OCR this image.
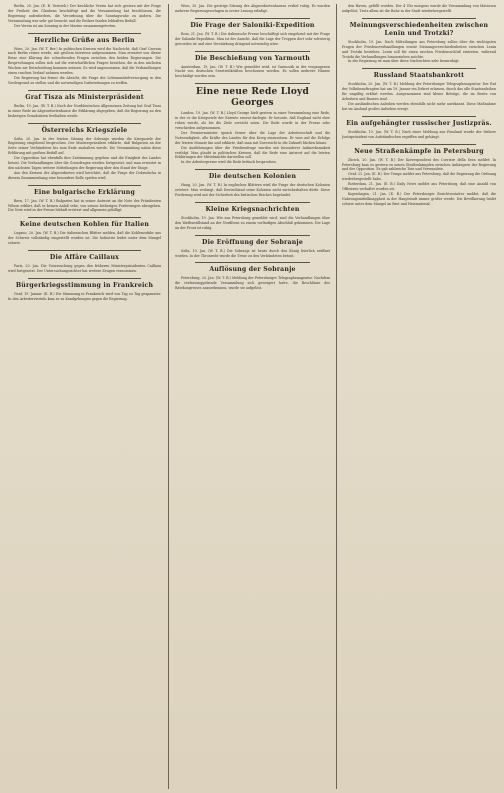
Berlin, 20. Jan. (E. B. Vertrieb.) Der kirchliche Verein hat sich gestern mit der Frage der Freiheit des Glaubens beschäftigt und die Versammlung hat beschlossen, die Regierung aufzufordern, die Verordnung über die Sonntagsruhe zu ändern. Die Versammlung war sehr gut besucht und die Redner fanden lebhaften Beifall.

Der Verein ist am Sonntag in der Marine zusammengetreten.

Herzliche Grüße aus Berlin

Wien, 20. Jan. (W. T. Ber.) In politischen Kreisen wird die Nachricht, daß Graf Czernin nach Berlin reisen werde, mit großem Interesse aufgenommen. Man erwartet von dieser Reise eine Klärung der schwebenden Fragen zwischen den beiden Regierungen. Die Besprechungen sollen sich auf die wirtschaftlichen Fragen beziehen, die in den nächsten Wochen zur Entscheidung kommen müssen. Es wird angenommen, daß die Verhandlungen einen raschen Verlauf nehmen werden.

Die Regierung hat ferner die Absicht, die Frage der Lebensmittelversorgung in den Vordergrund zu stellen und die notwendigen Vorbereitungen zu treffen.

Graf Tisza als Ministerpräsident

Berlin, 19. Jan. (W. T. B.) Nach der Norddeutschen Allgemeinen Zeitung hat Graf Tisza in einer Rede im Abgeordnetenhause die Erklärung abgegeben, daß die Regierung an den bisherigen Grundsätzen festhalten werde.

Österreichs Kriegsziele

Sofia, 20. Jan. In der letzten Sitzung der Sobranje wurden die Kriegsziele der Regierung eingehend besprochen. Der Ministerpräsident erklärte, daß Bulgarien an der Seite seiner Verbündeten bis zum Ende aushalten werde. Die Versammlung nahm diese Erklärung mit großem Beifall auf.

Die Opposition hat ebenfalls ihre Zustimmung gegeben und die Einigkeit des Landes betont. Die Verhandlungen über die Grenzfragen werden fortgesetzt, und man erwartet in den nächsten Tagen weitere Mitteilungen der Regierung über den Stand der Dinge.

Aus den Kreisen der Abgeordneten wird berichtet, daß die Frage der Dobrudscha in diesem Zusammenhang eine besondere Rolle spielen wird.

Eine bulgarische Erklärung

Bern, 17. Jan. (W. T. B.) Bulgarien hat in seiner Antwort an die Note des Präsidenten Wilson erklärt, daß es keinen Anlaß sehe, von seinen bisherigen Forderungen abzugehen. Die Note wird in der Presse lebhaft erörtert und allgemein gebilligt.

Keine deutschen Kohlen für Italien

Lugano, 20. Jan. (W. T. B.) Die italienischen Blätter melden, daß die Kohlenzufuhr aus der Schweiz vollständig eingestellt worden ist. Die Industrie leidet unter dem Mangel schwer.

Die Affäre Caillaux

Paris, 20. Jan. Die Untersuchung gegen den früheren Ministerpräsidenten Caillaux wird fortgesetzt. Der Untersuchungsrichter hat weitere Zeugen vernommen.

Bürgerkriegsstimmung in Frankreich

Genf, 19. Januar. (E. B.) Die Stimmung in Frankreich wird von Tag zu Tag gespannter. In den Arbeitervierteln kam es zu Kundgebungen gegen die Regierung.

Wien, 20. Jan. Die gestrige Sitzung des Abgeordnetenhauses verlief ruhig. Es wurden mehrere Regierungsvorlagen in erster Lesung erledigt.

Die Frage der Saloniki-Expedition

Rom, 21. Jan. (W. T. B.) Die italienische Presse beschäftigt sich eingehend mit der Frage der Saloniki-Expedition. Man ist der Ansicht, daß die Lage der Truppen dort sehr schwierig geworden ist und eine Verstärkung dringend notwendig wäre.

Die Beschießung von Yarmouth

Amsterdam, 19. Jan. (W. T. B.) Wie gemeldet wird, ist Yarmouth in der vergangenen Nacht von deutschen Seestreitkräften beschossen worden. Es sollen mehrere Häuser beschädigt worden sein.

Eine neue Rede Lloyd Georges

London, 19. Jan. (W. T. B.) Lloyd George hielt gestern in einer Versammlung eine Rede, in der er die Kriegsziele der Entente erneut darlegte. Er betonte, daß England nicht eher ruhen werde, als bis die Ziele erreicht seien. Die Rede wurde in der Presse sehr verschieden aufgenommen.

Der Premierminister sprach ferner über die Lage der Arbeiterschaft und die Notwendigkeit, alle Kräfte des Landes für den Krieg einzusetzen. Er wies auf die Erfolge der letzten Monate hin und erklärte, daß man mit Zuversicht in die Zukunft blicken könne.

Die Ausführungen über die Friedensfrage wurden mit besonderer Aufmerksamkeit verfolgt. Man glaubt in politischen Kreisen, daß die Rede eine Antwort auf die letzten Erklärungen der Mittelmächte darstellen soll.

In der Arbeiterpresse wird die Rede kritisch besprochen.

Die deutschen Kolonien

Haag, 20. Jan. (W. T. B.) In englischen Blättern wird die Frage der deutschen Kolonien erörtert. Man verlangt, daß Deutschland seine Kolonien nicht zurückerhalten dürfe. Diese Forderung wird mit der Sicherheit des britischen Reiches begründet.

Kleine Kriegsnachrichten

Stockholm, 19. Jan. Wie aus Petersburg gemeldet wird, sind die Verhandlungen über den Waffenstillstand an der Nordfront zu einem vorläufigen Abschluß gekommen. Die Lage an der Front ist ruhig.

Die Eröffnung der Sobranje

Sofia, 19. Jan. (W. T. B.) Die Sobranje ist heute durch den König feierlich eröffnet worden. In der Thronrede wurde die Treue zu den Verbündeten betont.

Auflösung der Sobranje

Petersburg, 20. Jan. (W. T. B.) Meldung der Petersburger Telegraphenagentur. Nachdem die verfassunggebende Versammlung sich geweigert hatte, die Beschlüsse des Rätekongresses anzuerkennen, wurde sie aufgelöst.

den Haven, gefüllt worden. Der 4 Uhr morgens wurde die Versammlung von Matrosen aufgelöst. Trotz allem ist die Ruhe in der Stadt wiederhergestellt.

Meinungsverschiedenheiten zwischen Lenin und Trotzki?

Stockholm, 19. Jan. Nach Mitteilungen aus Petersburg sollen über die wichtigsten Fragen der Friedensverhandlungen ernste Meinungsverschiedenheiten zwischen Lenin und Trotzki bestehen. Lenin soll für einen raschen Friedensschluß eintreten, während Trotzki die Verhandlungen hinausziehen möchte.

In der Regierung ist man über diese Nachrichten sehr beunruhigt.

Russland Staatsbankrott

Stockholm, 20. Jan. (W. T. B.) Meldung der Petersburger Telegraphenagentur. Der Rat der Volksbeauftragten hat am 19. Januar ein Dekret erlassen, durch das alle Staatsanleihen für ungültig erklärt werden. Ausgenommen sind kleine Beträge, die im Besitz von Arbeitern und Bauern sind.

Die ausländischen Anleihen werden ebenfalls nicht mehr anerkannt. Diese Maßnahme hat im Ausland großes Aufsehen erregt.

Ein aufgehängter russischer Justizpräs.

Stockholm, 19. Jan. (W. T. B.) Nach einer Meldung aus Finnland wurde der frühere Justizpräsident von Aufständischen ergriffen und gehängt.

Neue Straßenkämpfe in Petersburg

Zürich, 20. Jan. (W. T. B.) Der Korrespondent des Corriere della Sera meldet: In Petersburg kam es gestern zu neuen Straßenkämpfen zwischen Anhängern der Regierung und der Opposition. Es gab zahlreiche Tote und Verwundete.

Genf, 21. Jan. (E. B.) Der Temps meldet aus Petersburg, daß die Regierung die Ordnung wiederhergestellt habe.

Rotterdam, 21. Jan. (E. B.) Daily News meldet aus Petersburg, daß eine Anzahl von Offizieren verhaftet worden sei.

Kopenhagen, 21. Jan. (E. B.) Der Petersburger Berichterstatter meldet, daß die Nahrungsmittelknappheit in der Hauptstadt immer größer werde. Die Bevölkerung leidet schwer unter dem Mangel an Brot und Heizmaterial.
